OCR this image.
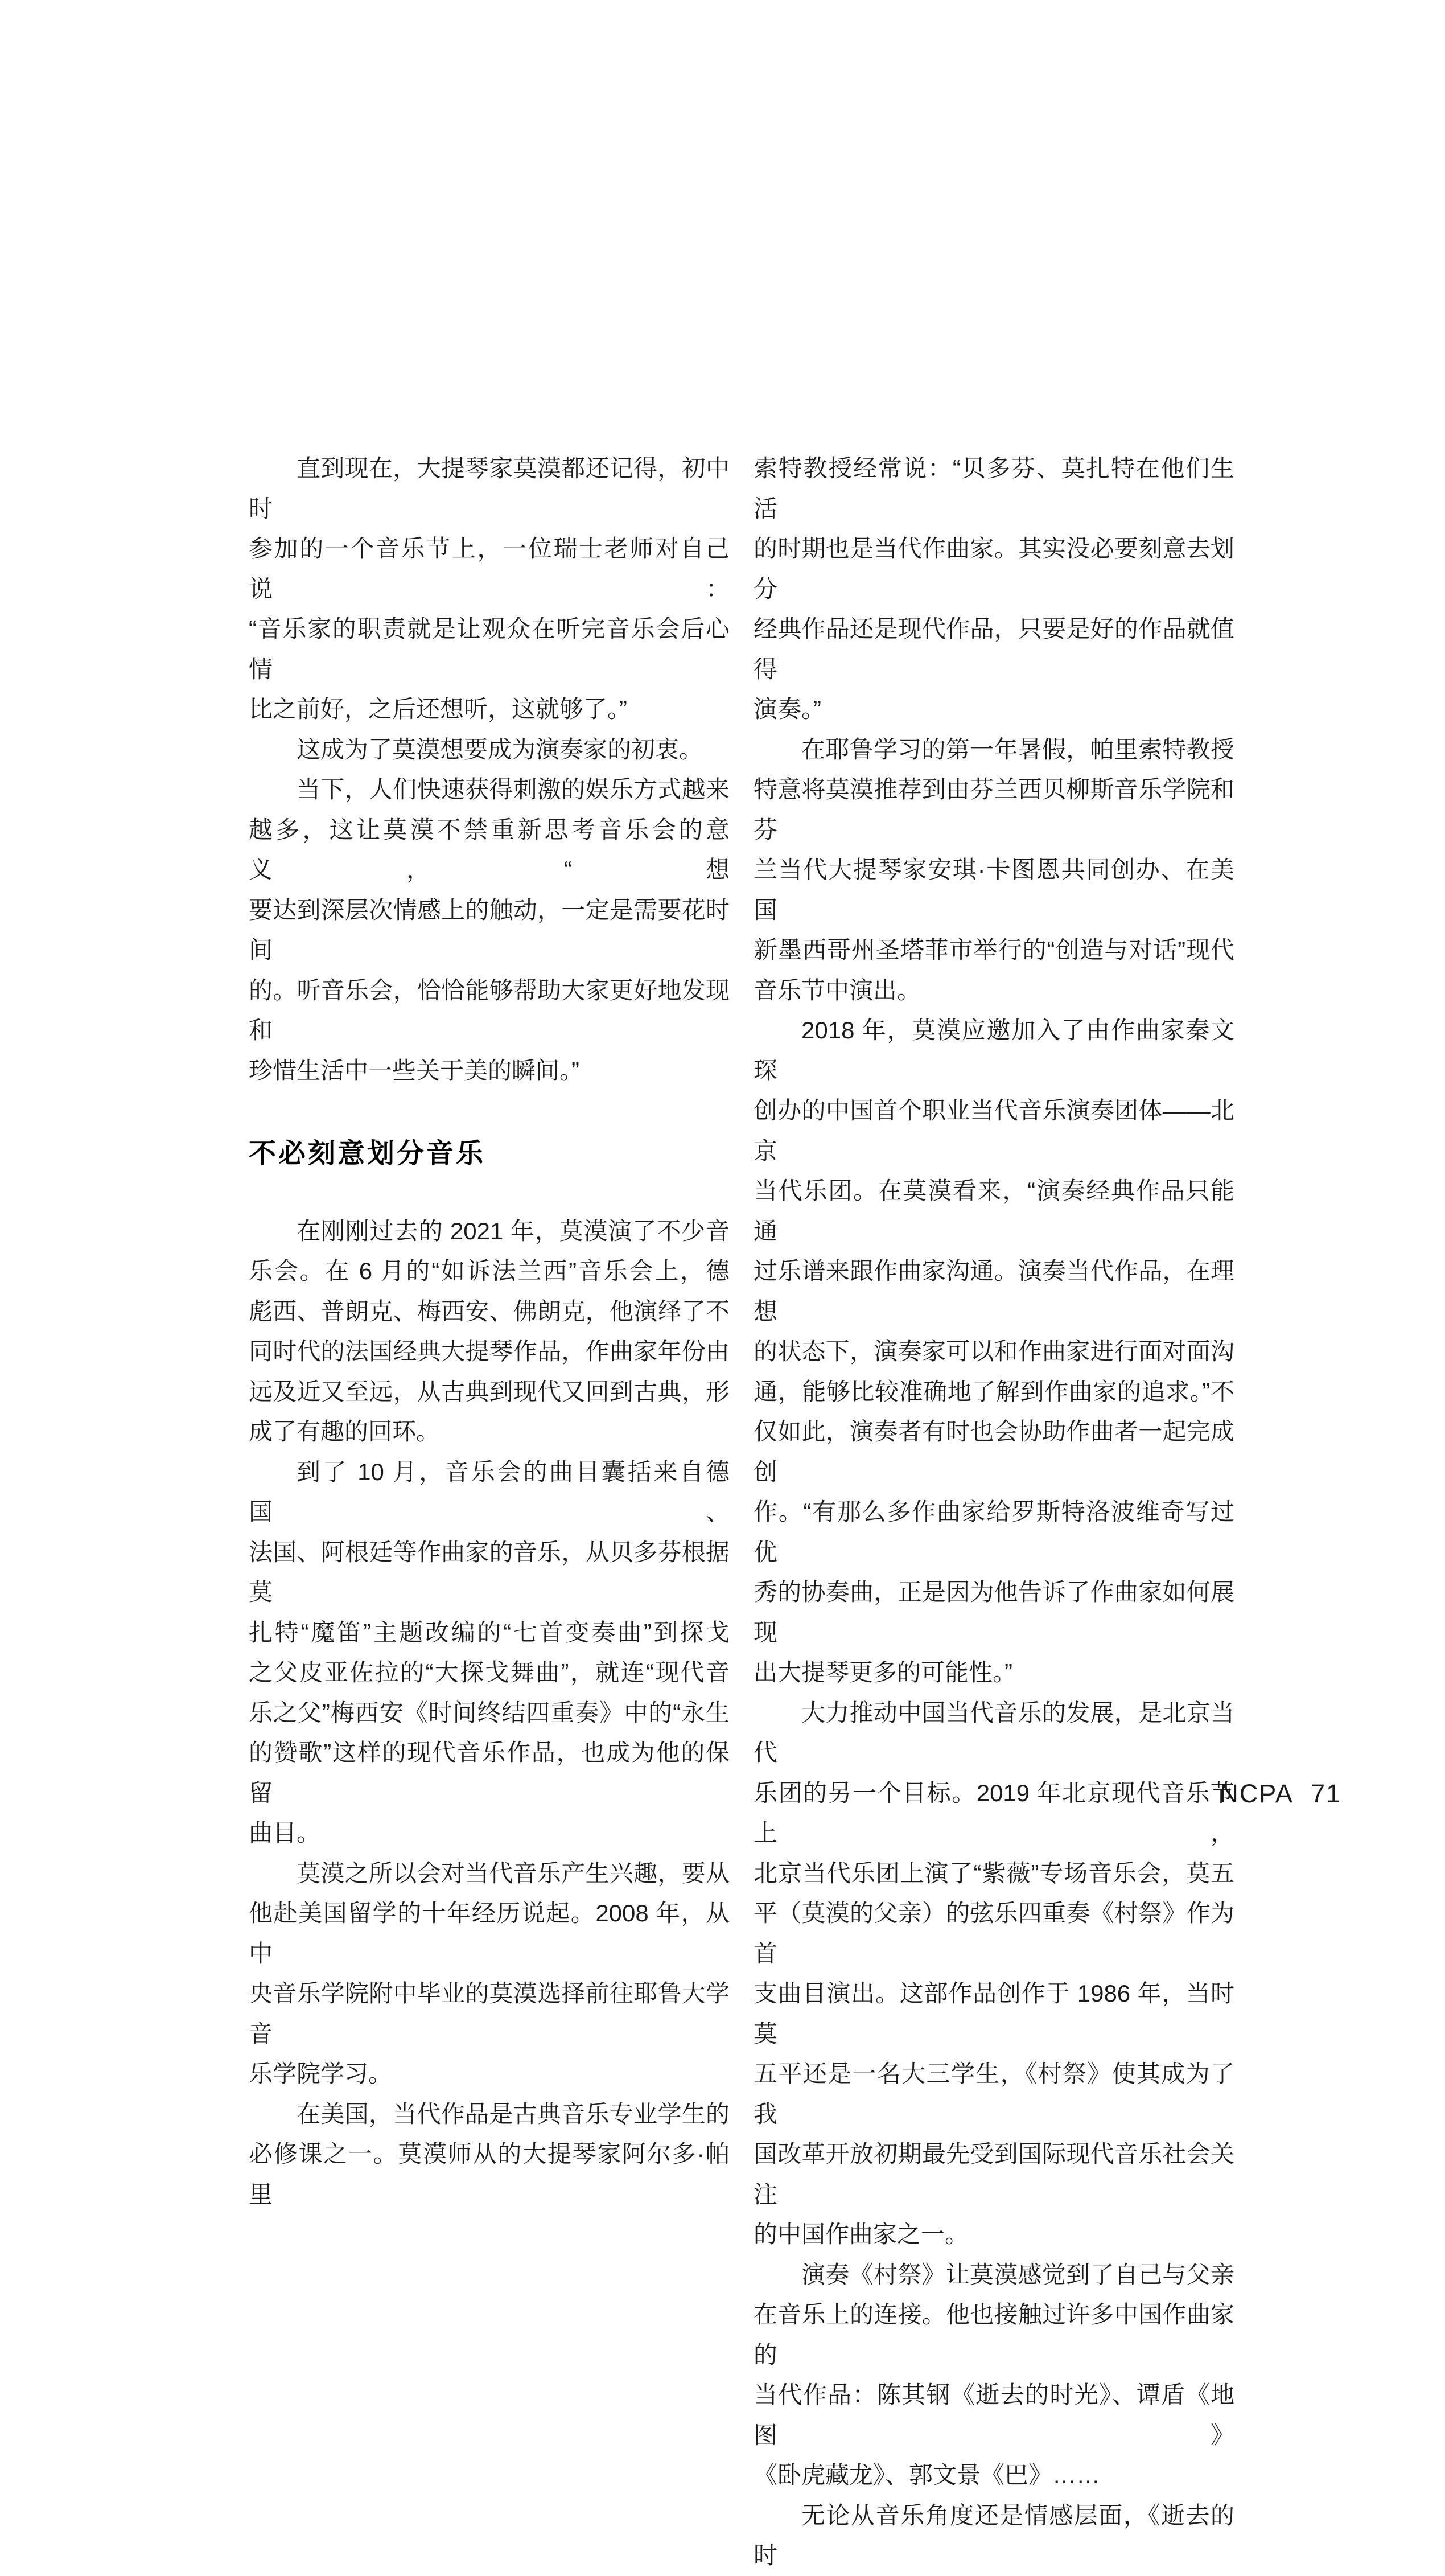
直到现在，大提琴家莫漠都还记得，初中时
参加的一个音乐节上，一位瑞士老师对自己说：
“音乐家的职责就是让观众在听完音乐会后心情
比之前好，之后还想听，这就够了。”
这成为了莫漠想要成为演奏家的初衷。
当下，人们快速获得刺激的娱乐方式越来
越多，这让莫漠不禁重新思考音乐会的意义，“想
要达到深层次情感上的触动，一定是需要花时间
的。听音乐会，恰恰能够帮助大家更好地发现和
珍惜生活中一些关于美的瞬间。”
不必刻意划分音乐
在刚刚过去的 2021 年，莫漠演了不少音
乐会。在 6 月的“如诉法兰西”音乐会上，德
彪西、普朗克、梅西安、佛朗克，他演绎了不
同时代的法国经典大提琴作品，作曲家年份由
远及近又至远，从古典到现代又回到古典，形
成了有趣的回环。
到了 10 月，音乐会的曲目囊括来自德国、
法国、阿根廷等作曲家的音乐，从贝多芬根据莫
扎特“魔笛”主题改编的“七首变奏曲”到探戈
之父皮亚佐拉的“大探戈舞曲”，就连“现代音
乐之父”梅西安《时间终结四重奏》中的“永生
的赞歌”这样的现代音乐作品，也成为他的保留
曲目。
莫漠之所以会对当代音乐产生兴趣，要从
他赴美国留学的十年经历说起。2008 年，从中
央音乐学院附中毕业的莫漠选择前往耶鲁大学音
乐学院学习。
在美国，当代作品是古典音乐专业学生的
必修课之一。莫漠师从的大提琴家阿尔多·帕里
索特教授经常说：“贝多芬、莫扎特在他们生活
的时期也是当代作曲家。其实没必要刻意去划分
经典作品还是现代作品，只要是好的作品就值得
演奏。”
在耶鲁学习的第一年暑假，帕里索特教授
特意将莫漠推荐到由芬兰西贝柳斯音乐学院和芬
兰当代大提琴家安琪·卡图恩共同创办、在美国
新墨西哥州圣塔菲市举行的“创造与对话”现代
音乐节中演出。
2018 年，莫漠应邀加入了由作曲家秦文琛
创办的中国首个职业当代音乐演奏团体——北京
当代乐团。在莫漠看来，“演奏经典作品只能通
过乐谱来跟作曲家沟通。演奏当代作品，在理想
的状态下，演奏家可以和作曲家进行面对面沟
通，能够比较准确地了解到作曲家的追求。”不
仅如此，演奏者有时也会协助作曲者一起完成创
作。“有那么多作曲家给罗斯特洛波维奇写过优
秀的协奏曲，正是因为他告诉了作曲家如何展现
出大提琴更多的可能性。”
大力推动中国当代音乐的发展，是北京当代
乐团的另一个目标。2019 年北京现代音乐节上，
北京当代乐团上演了“紫薇”专场音乐会，莫五
平（莫漠的父亲）的弦乐四重奏《村祭》作为首
支曲目演出。这部作品创作于 1986 年，当时莫
五平还是一名大三学生，《村祭》使其成为了我
国改革开放初期最先受到国际现代音乐社会关注
的中国作曲家之一。
演奏《村祭》让莫漠感觉到了自己与父亲
在音乐上的连接。他也接触过许多中国作曲家的
当代作品：陈其钢《逝去的时光》、谭盾《地图》
《卧虎藏龙》、郭文景《巴》……
无论从音乐角度还是情感层面，《逝去的时
NCPA 71
